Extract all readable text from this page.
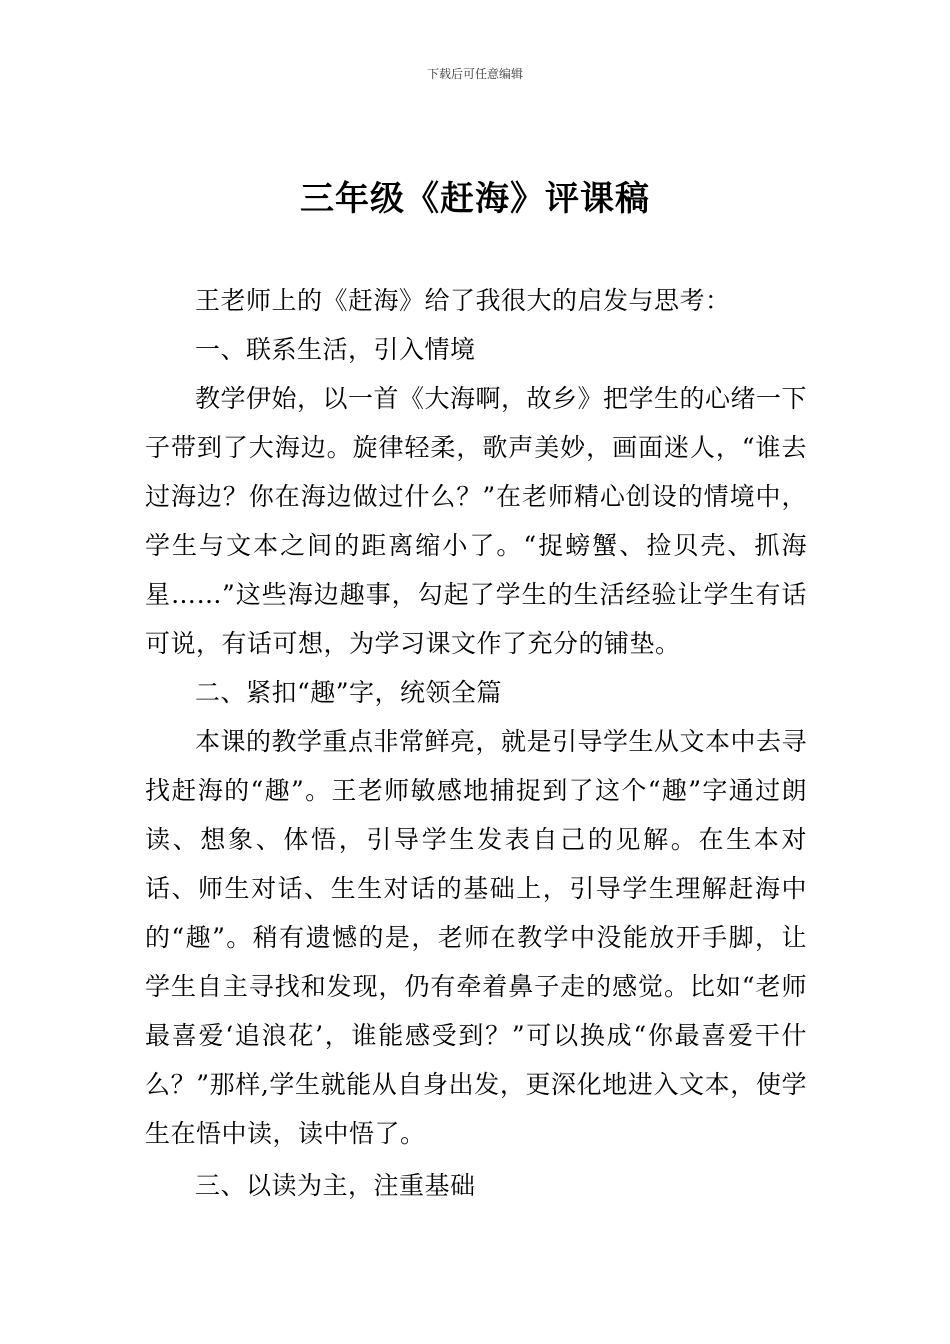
下载后可任意编辑
三年级《赶海》评课稿

王老师上的《赶海》给了我很大的启发与思考：

一、联系生活，引入情境

教学伊始，以一首《大海啊，故乡》把学生的心绪一下子带到了大海边。旋律轻柔，歌声美妙，画面迷人，“谁去过海边？你在海边做过什么？”在老师精心创设的情境中，学生与文本之间的距离缩小了。“捉螃蟹、捡贝壳、抓海星……”这些海边趣事，勾起了学生的生活经验让学生有话可说，有话可想，为学习课文作了充分的铺垫。

二、紧扣“趣”字，统领全篇

本课的教学重点非常鲜亮，就是引导学生从文本中去寻找赶海的“趣”。王老师敏感地捕捉到了这个“趣”字通过朗读、想象、体悟，引导学生发表自己的见解。在生本对话、师生对话、生生对话的基础上，引导学生理解赶海中的“趣”。稍有遗憾的是，老师在教学中没能放开手脚，让学生自主寻找和发现，仍有牵着鼻子走的感觉。比如“老师最喜爱‘追浪花’，谁能感受到？”可以换成“你最喜爱干什么？”那样,学生就能从自身出发，更深化地进入文本，使学生在悟中读，读中悟了。

三、以读为主，注重基础
